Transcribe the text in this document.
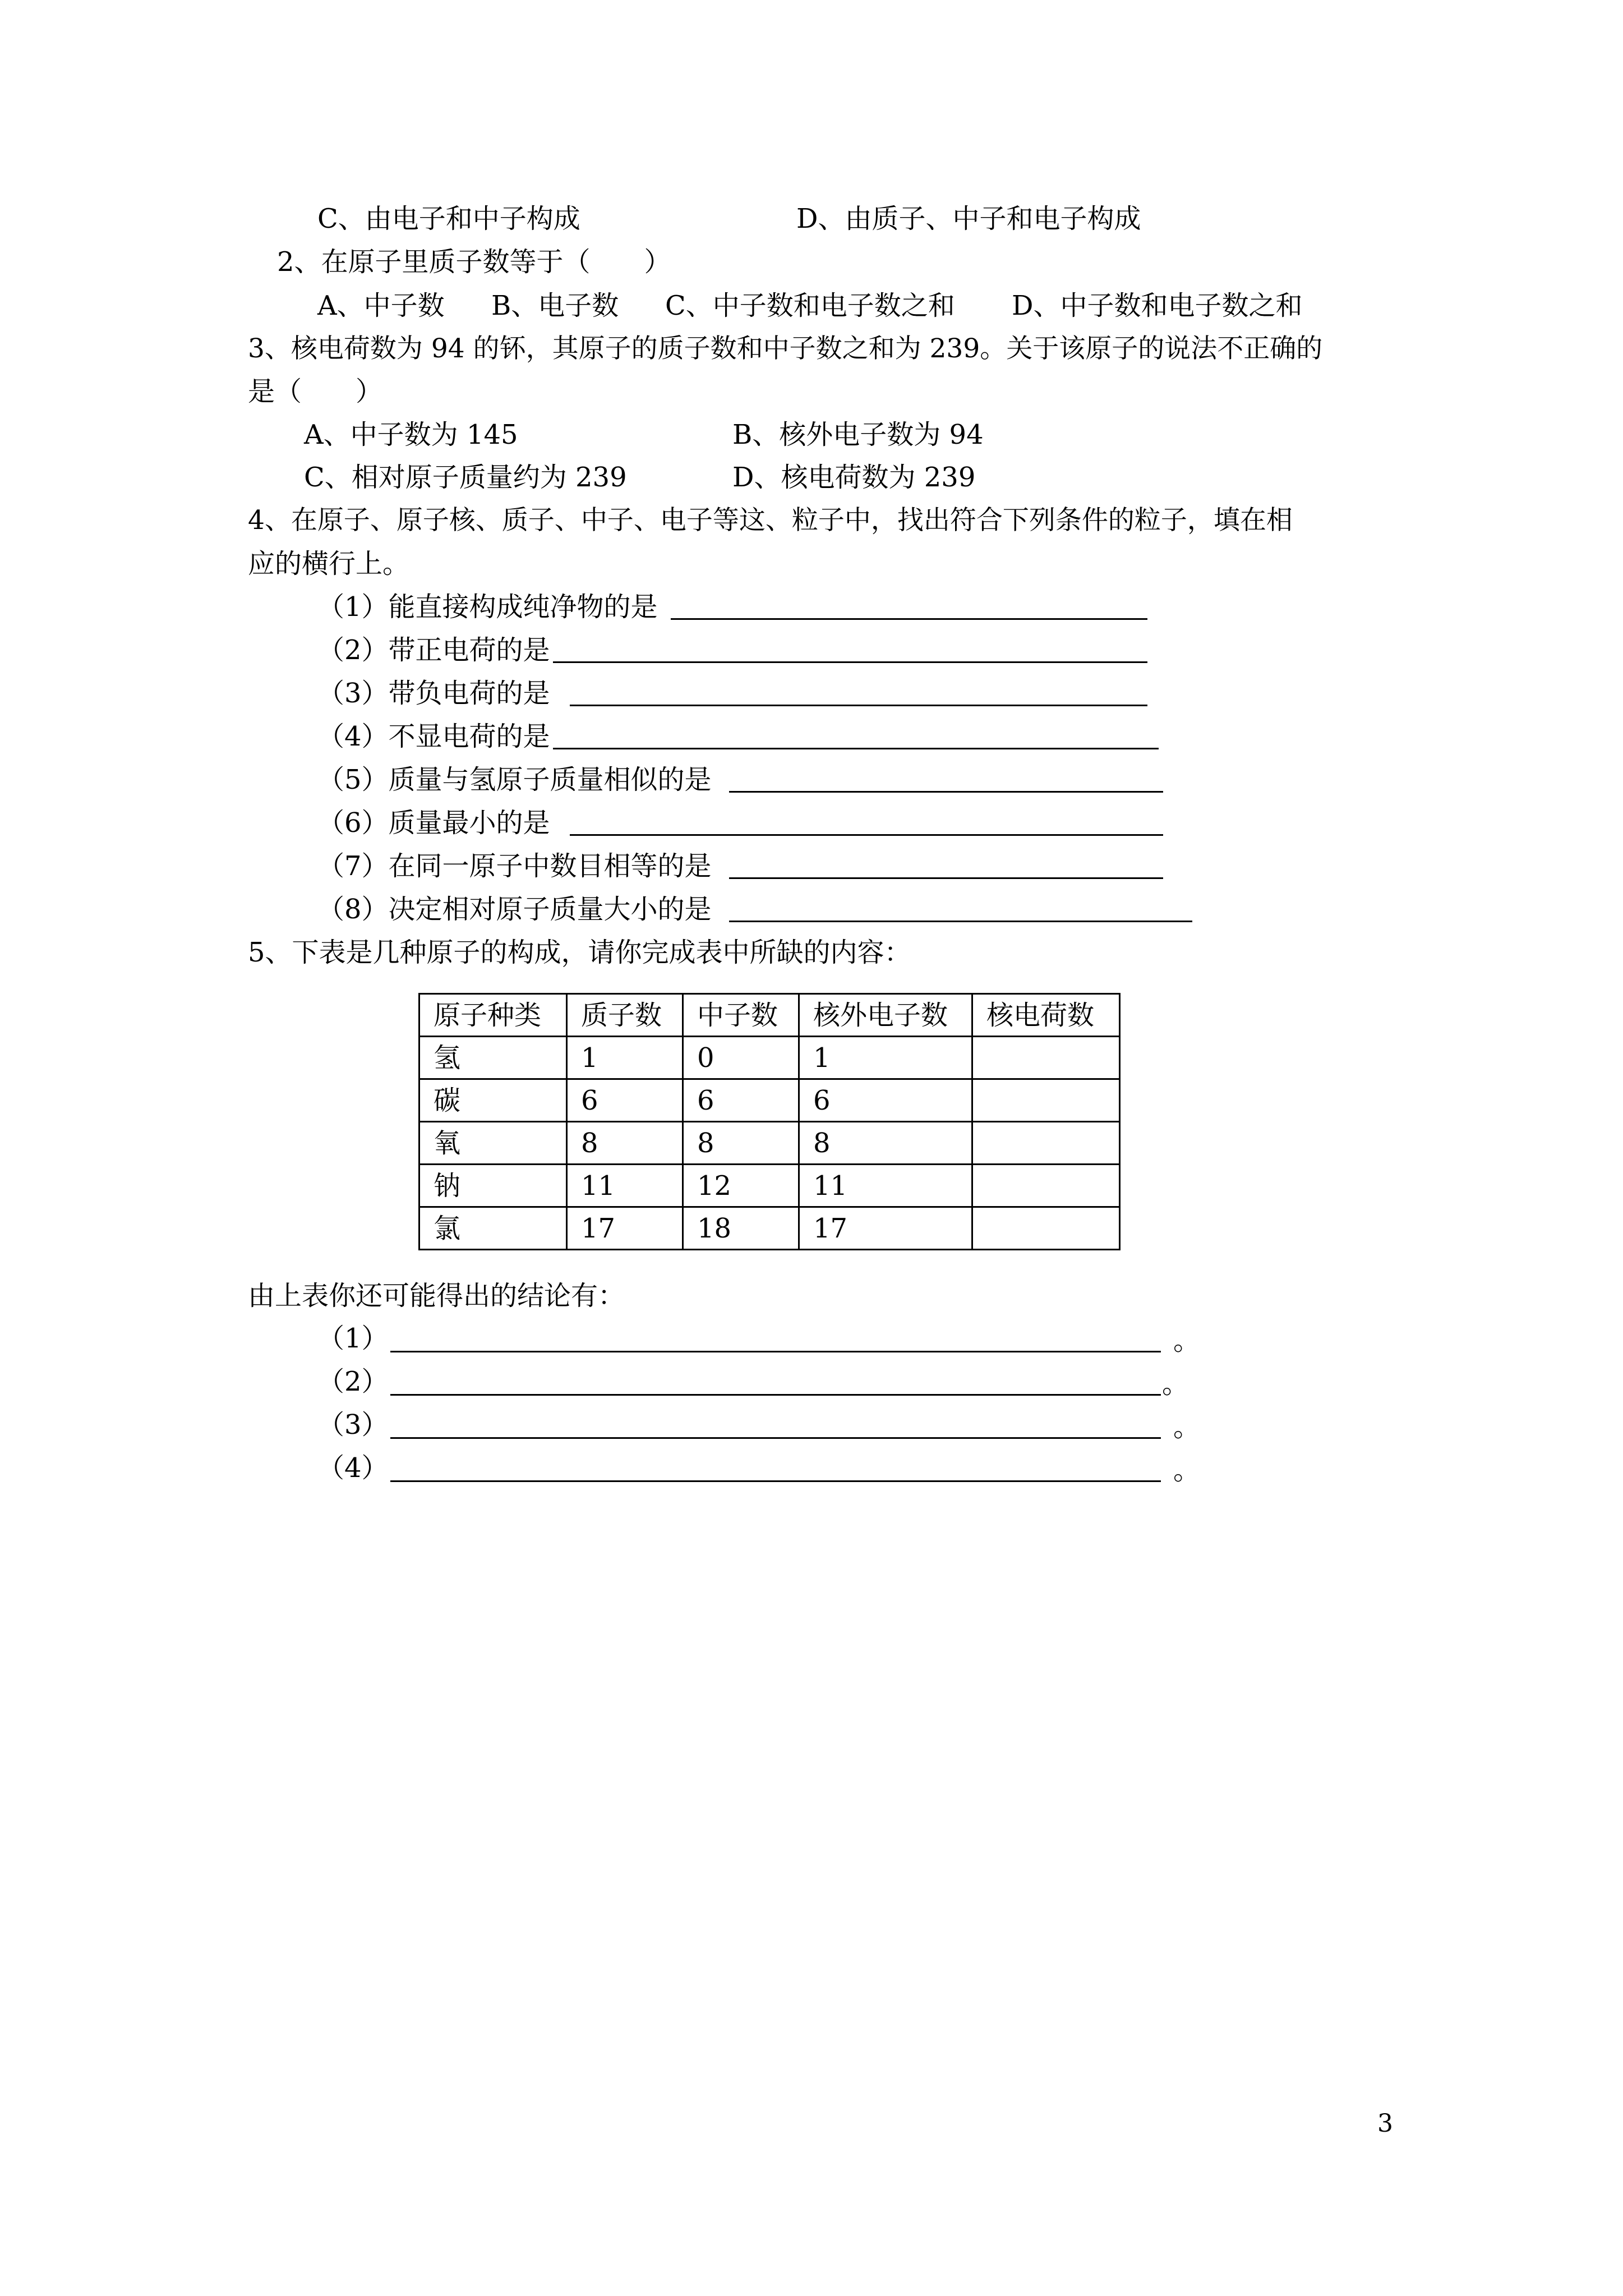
C、由电子和中子构成	D、由质子、中子和电子构成
2、在原子里质子数等于（　　）
A、中子数 B、电子数 C、中子数和电子数之和 D、中子数和电子数之和
3、核电荷数为 94 的钚，其原子的质子数和中子数之和为 239。关于该原子的说法不正确的
是（　　）
A、中子数为 145	B、核外电子数为 94
C、相对原子质量约为 239	D、核电荷数为 239
4、在原子、原子核、质子、中子、电子等这、粒子中，找出符合下列条件的粒子，填在相
应的横行上。
（1）能直接构成纯净物的是
（2）带正电荷的是
（3）带负电荷的是
（4）不显电荷的是
（5）质量与氢原子质量相似的是
（6）质量最小的是
（7）在同一原子中数目相等的是
（8）决定相对原子质量大小的是
5、下表是几种原子的构成，请你完成表中所缺的内容：
原子种类	质子数	中子数	核外电子数	核电荷数
氢	1	0	1	
碳	6	6	6	
氧	8	8	8	
钠	11	12	11	
氯	17	18	17	
由上表你还可能得出的结论有：
（1）	。
（2）	。
（3）	。
（4）	。
3
